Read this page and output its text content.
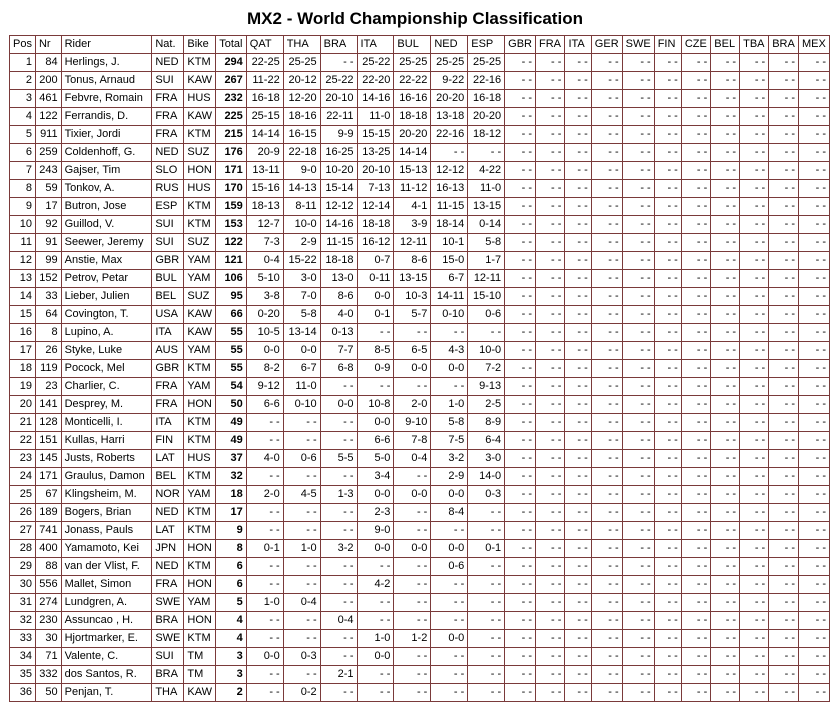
MX2 - World Championship Classification
Pos	Nr	Rider	Nat.	Bike	Total	QAT	THA	BRA	ITA	BUL	NED	ESP	GBR	FRA	ITA	GER	SWE	FIN	CZE	BEL	TBA	BRA	MEX
1	84	Herlings, J.	NED	KTM	294	22-25	25-25	- -	25-22	25-25	25-25	25-25	- -	- -	- -	- -	- -	- -	- -	- -	- -	- -	- -
2	200	Tonus, Arnaud	SUI	KAW	267	11-22	20-12	25-22	22-20	22-22	9-22	22-16	- -	- -	- -	- -	- -	- -	- -	- -	- -	- -	- -
3	461	Febvre, Romain	FRA	HUS	232	16-18	12-20	20-10	14-16	16-16	20-20	16-18	- -	- -	- -	- -	- -	- -	- -	- -	- -	- -	- -
4	122	Ferrandis, D.	FRA	KAW	225	25-15	18-16	22-11	11-0	18-18	13-18	20-20	- -	- -	- -	- -	- -	- -	- -	- -	- -	- -	- -
5	911	Tixier, Jordi	FRA	KTM	215	14-14	16-15	9-9	15-15	20-20	22-16	18-12	- -	- -	- -	- -	- -	- -	- -	- -	- -	- -	- -
6	259	Coldenhoff, G.	NED	SUZ	176	20-9	22-18	16-25	13-25	14-14	- -	- -	- -	- -	- -	- -	- -	- -	- -	- -	- -	- -	- -
7	243	Gajser, Tim	SLO	HON	171	13-11	9-0	10-20	20-10	15-13	12-12	4-22	- -	- -	- -	- -	- -	- -	- -	- -	- -	- -	- -
8	59	Tonkov, A.	RUS	HUS	170	15-16	14-13	15-14	7-13	11-12	16-13	11-0	- -	- -	- -	- -	- -	- -	- -	- -	- -	- -	- -
9	17	Butron, Jose	ESP	KTM	159	18-13	8-11	12-12	12-14	4-1	11-15	13-15	- -	- -	- -	- -	- -	- -	- -	- -	- -	- -	- -
10	92	Guillod, V.	SUI	KTM	153	12-7	10-0	14-16	18-18	3-9	18-14	0-14	- -	- -	- -	- -	- -	- -	- -	- -	- -	- -	- -
11	91	Seewer, Jeremy	SUI	SUZ	122	7-3	2-9	11-15	16-12	12-11	10-1	5-8	- -	- -	- -	- -	- -	- -	- -	- -	- -	- -	- -
12	99	Anstie, Max	GBR	YAM	121	0-4	15-22	18-18	0-7	8-6	15-0	1-7	- -	- -	- -	- -	- -	- -	- -	- -	- -	- -	- -
13	152	Petrov, Petar	BUL	YAM	106	5-10	3-0	13-0	0-11	13-15	6-7	12-11	- -	- -	- -	- -	- -	- -	- -	- -	- -	- -	- -
14	33	Lieber, Julien	BEL	SUZ	95	3-8	7-0	8-6	0-0	10-3	14-11	15-10	- -	- -	- -	- -	- -	- -	- -	- -	- -	- -	- -
15	64	Covington, T.	USA	KAW	66	0-20	5-8	4-0	0-1	5-7	0-10	0-6	- -	- -	- -	- -	- -	- -	- -	- -	- -	- -	- -
16	8	Lupino, A.	ITA	KAW	55	10-5	13-14	0-13	- -	- -	- -	- -	- -	- -	- -	- -	- -	- -	- -	- -	- -	- -	- -
17	26	Styke, Luke	AUS	YAM	55	0-0	0-0	7-7	8-5	6-5	4-3	10-0	- -	- -	- -	- -	- -	- -	- -	- -	- -	- -	- -
18	119	Pocock, Mel	GBR	KTM	55	8-2	6-7	6-8	0-9	0-0	0-0	7-2	- -	- -	- -	- -	- -	- -	- -	- -	- -	- -	- -
19	23	Charlier, C.	FRA	YAM	54	9-12	11-0	- -	- -	- -	- -	9-13	- -	- -	- -	- -	- -	- -	- -	- -	- -	- -	- -
20	141	Desprey, M.	FRA	HON	50	6-6	0-10	0-0	10-8	2-0	1-0	2-5	- -	- -	- -	- -	- -	- -	- -	- -	- -	- -	- -
21	128	Monticelli, I.	ITA	KTM	49	- -	- -	- -	0-0	9-10	5-8	8-9	- -	- -	- -	- -	- -	- -	- -	- -	- -	- -	- -
22	151	Kullas, Harri	FIN	KTM	49	- -	- -	- -	6-6	7-8	7-5	6-4	- -	- -	- -	- -	- -	- -	- -	- -	- -	- -	- -
23	145	Justs, Roberts	LAT	HUS	37	4-0	0-6	5-5	5-0	0-4	3-2	3-0	- -	- -	- -	- -	- -	- -	- -	- -	- -	- -	- -
24	171	Graulus, Damon	BEL	KTM	32	- -	- -	- -	3-4	- -	2-9	14-0	- -	- -	- -	- -	- -	- -	- -	- -	- -	- -	- -
25	67	Klingsheim, M.	NOR	YAM	18	2-0	4-5	1-3	0-0	0-0	0-0	0-3	- -	- -	- -	- -	- -	- -	- -	- -	- -	- -	- -
26	189	Bogers, Brian	NED	KTM	17	- -	- -	- -	2-3	- -	8-4	- -	- -	- -	- -	- -	- -	- -	- -	- -	- -	- -	- -
27	741	Jonass, Pauls	LAT	KTM	9	- -	- -	- -	9-0	- -	- -	- -	- -	- -	- -	- -	- -	- -	- -	- -	- -	- -	- -
28	400	Yamamoto, Kei	JPN	HON	8	0-1	1-0	3-2	0-0	0-0	0-0	0-1	- -	- -	- -	- -	- -	- -	- -	- -	- -	- -	- -
29	88	van der Vlist, F.	NED	KTM	6	- -	- -	- -	- -	- -	0-6	- -	- -	- -	- -	- -	- -	- -	- -	- -	- -	- -	- -
30	556	Mallet, Simon	FRA	HON	6	- -	- -	- -	4-2	- -	- -	- -	- -	- -	- -	- -	- -	- -	- -	- -	- -	- -	- -
31	274	Lundgren, A.	SWE	YAM	5	1-0	0-4	- -	- -	- -	- -	- -	- -	- -	- -	- -	- -	- -	- -	- -	- -	- -	- -
32	230	Assuncao , H.	BRA	HON	4	- -	- -	0-4	- -	- -	- -	- -	- -	- -	- -	- -	- -	- -	- -	- -	- -	- -	- -
33	30	Hjortmarker, E.	SWE	KTM	4	- -	- -	- -	1-0	1-2	0-0	- -	- -	- -	- -	- -	- -	- -	- -	- -	- -	- -	- -
34	71	Valente, C.	SUI	TM	3	0-0	0-3	- -	0-0	- -	- -	- -	- -	- -	- -	- -	- -	- -	- -	- -	- -	- -	- -
35	332	dos Santos, R.	BRA	TM	3	- -	- -	2-1	- -	- -	- -	- -	- -	- -	- -	- -	- -	- -	- -	- -	- -	- -	- -
36	50	Penjan, T.	THA	KAW	2	- -	0-2	- -	- -	- -	- -	- -	- -	- -	- -	- -	- -	- -	- -	- -	- -	- -	- -
